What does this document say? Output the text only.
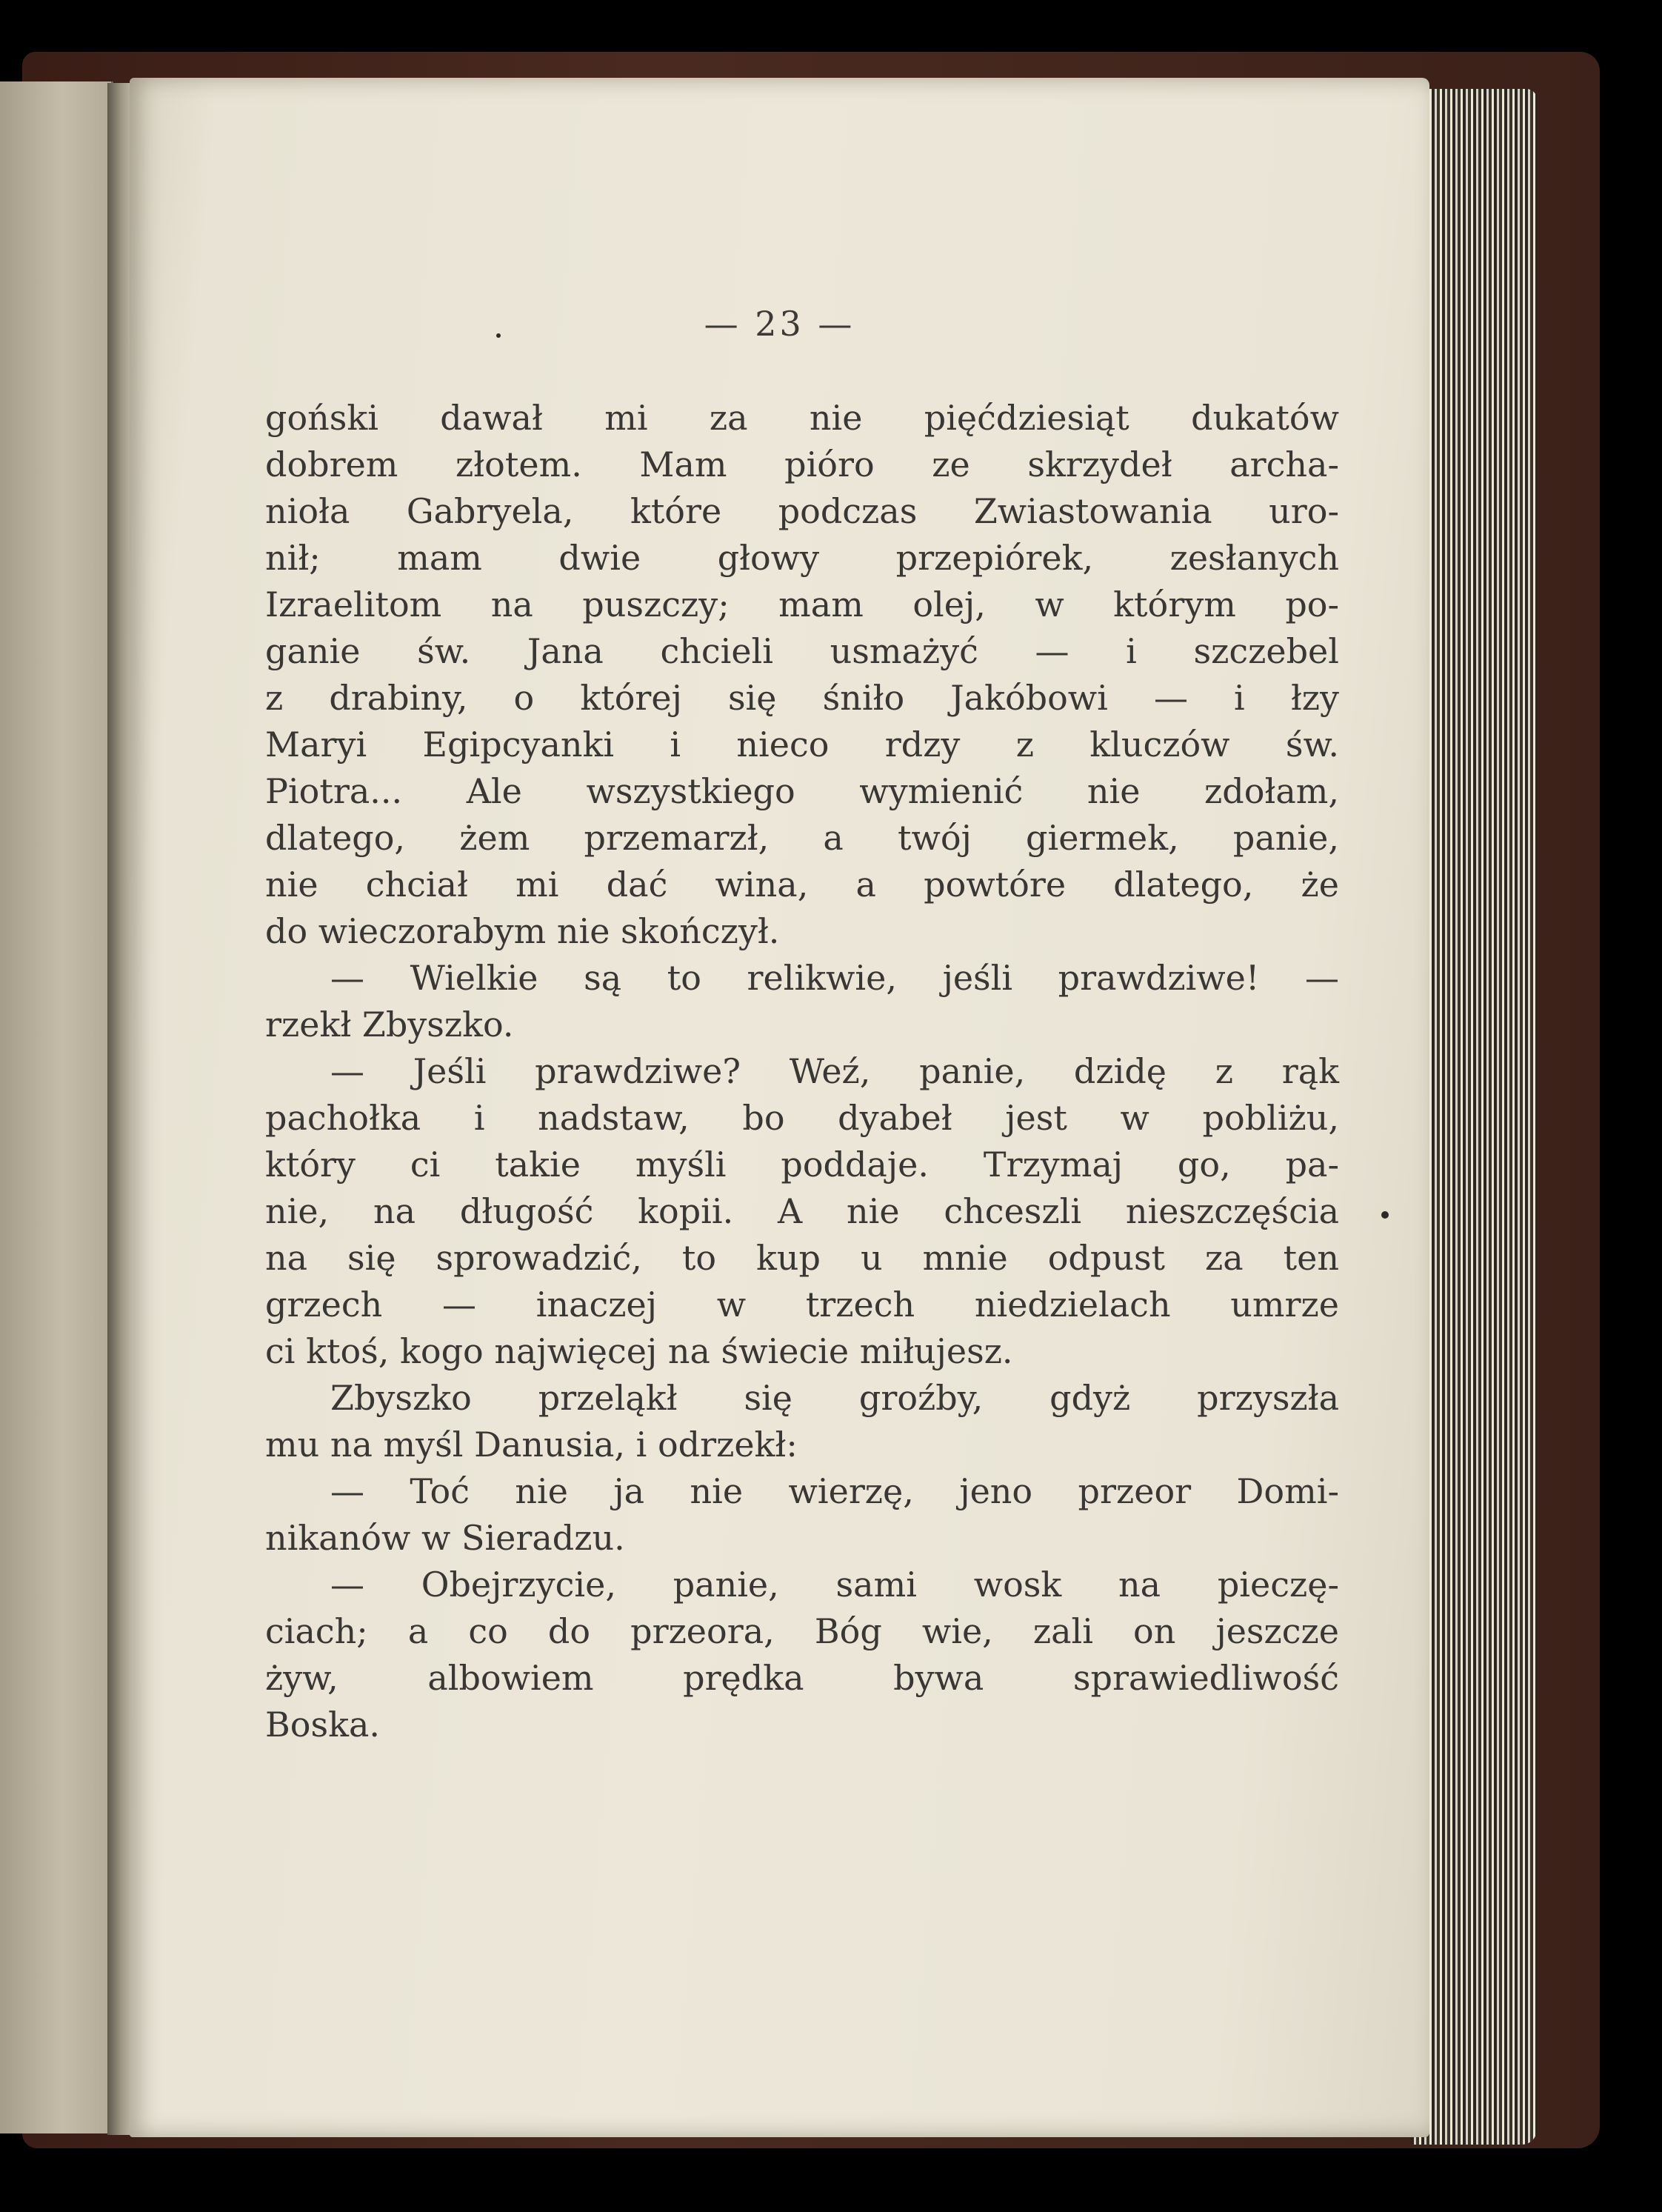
— 23 —
goński dawał mi za nie pięćdziesiąt dukatów
dobrem złotem. Mam pióro ze skrzydeł archa-
nioła Gabryela, które podczas Zwiastowania uro-
nił; mam dwie głowy przepiórek, zesłanych
Izraelitom na puszczy; mam olej, w którym po-
ganie św. Jana chcieli usmażyć — i szczebel
z drabiny, o której się śniło Jakóbowi — i łzy
Maryi Egipcyanki i nieco rdzy z kluczów św.
Piotra... Ale wszystkiego wymienić nie zdołam,
dlatego, żem przemarzł, a twój giermek, panie,
nie chciał mi dać wina, a powtóre dlatego, że
do wieczorabym nie skończył.
— Wielkie są to relikwie, jeśli prawdziwe! —
rzekł Zbyszko.
— Jeśli prawdziwe? Weź, panie, dzidę z rąk
pachołka i nadstaw, bo dyabeł jest w pobliżu,
który ci takie myśli poddaje. Trzymaj go, pa-
nie, na długość kopii. A nie chceszli nieszczęścia
na się sprowadzić, to kup u mnie odpust za ten
grzech — inaczej w trzech niedzielach umrze
ci ktoś, kogo najwięcej na świecie miłujesz.
Zbyszko przeląkł się groźby, gdyż przyszła
mu na myśl Danusia, i odrzekł:
— Toć nie ja nie wierzę, jeno przeor Domi-
nikanów w Sieradzu.
— Obejrzycie, panie, sami wosk na pieczę-
ciach; a co do przeora, Bóg wie, zali on jeszcze
żyw, albowiem prędka bywa sprawiedliwość
Boska.
